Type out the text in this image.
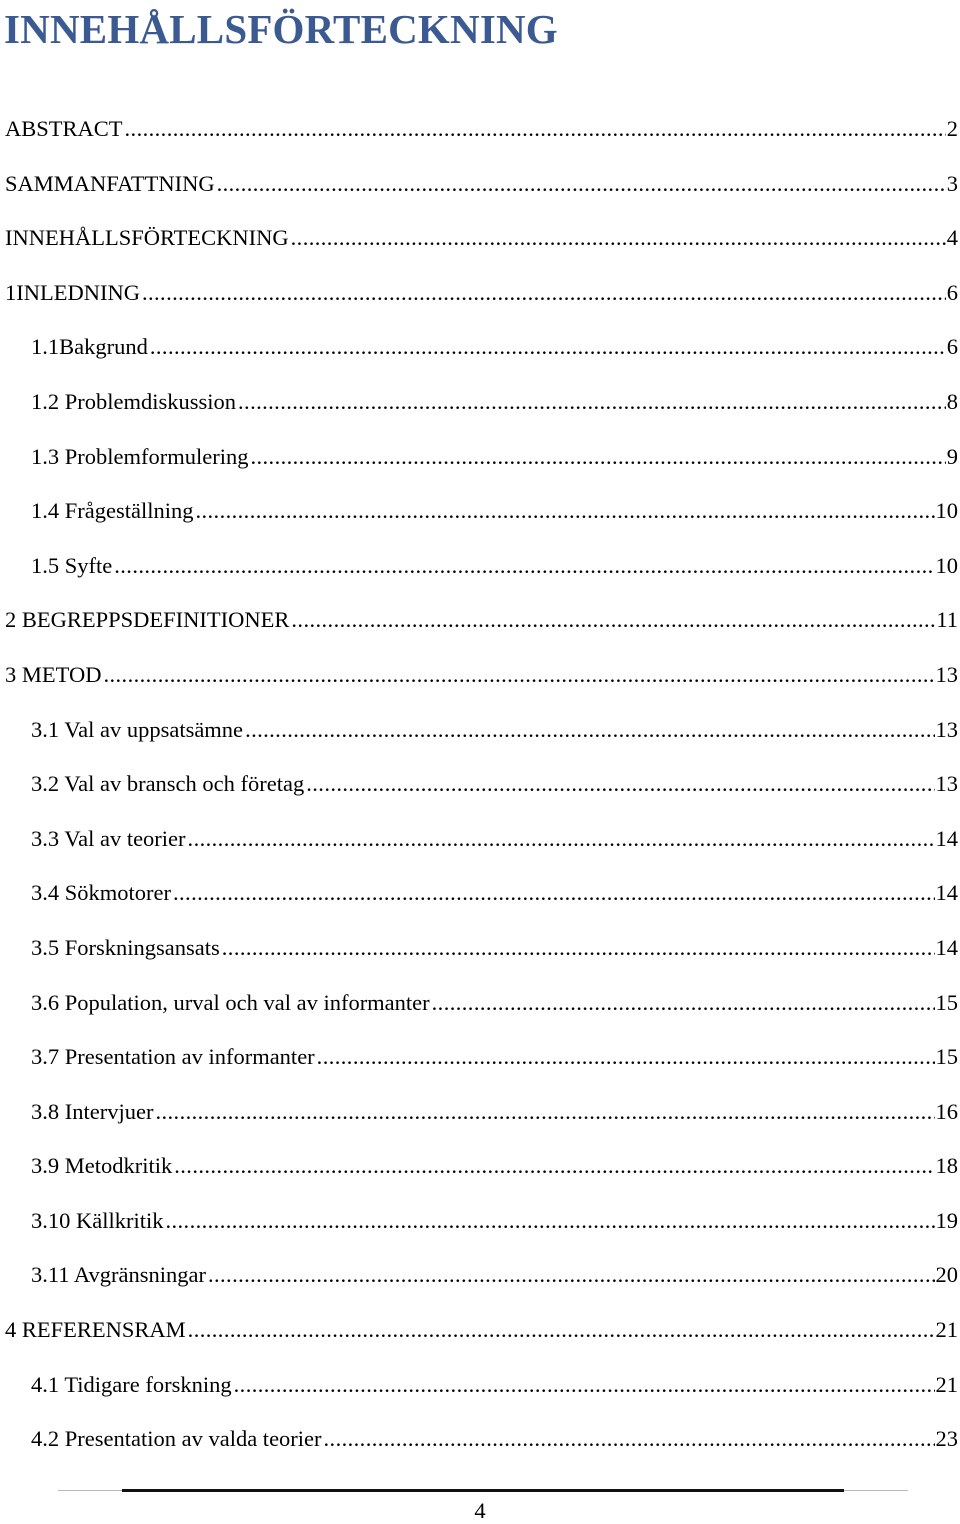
INNEHÅLLSFÖRTECKNING
ABSTRACT .....	2
SAMMANFATTNING .....	3
INNEHÅLLSFÖRTECKNING .....	4
1INLEDNING .....	6
1.1Bakgrund .....	6
1.2 Problemdiskussion .....	8
1.3 Problemformulering .....	9
1.4 Frågeställning .....	10
1.5 Syfte .....	10
2 BEGREPPSDEFINITIONER .....	11
3 METOD .....	13
3.1 Val av uppsatsämne .....	13
3.2 Val av bransch och företag .....	13
3.3 Val av teorier .....	14
3.4 Sökmotorer .....	14
3.5 Forskningsansats .....	14
3.6 Population, urval och val av informanter .....	15
3.7 Presentation av informanter .....	15
3.8 Intervjuer .....	16
3.9 Metodkritik .....	18
3.10 Källkritik .....	19
3.11 Avgränsningar .....	20
4 REFERENSRAM .....	21
4.1 Tidigare forskning .....	21
4.2 Presentation av valda teorier .....	23
4
